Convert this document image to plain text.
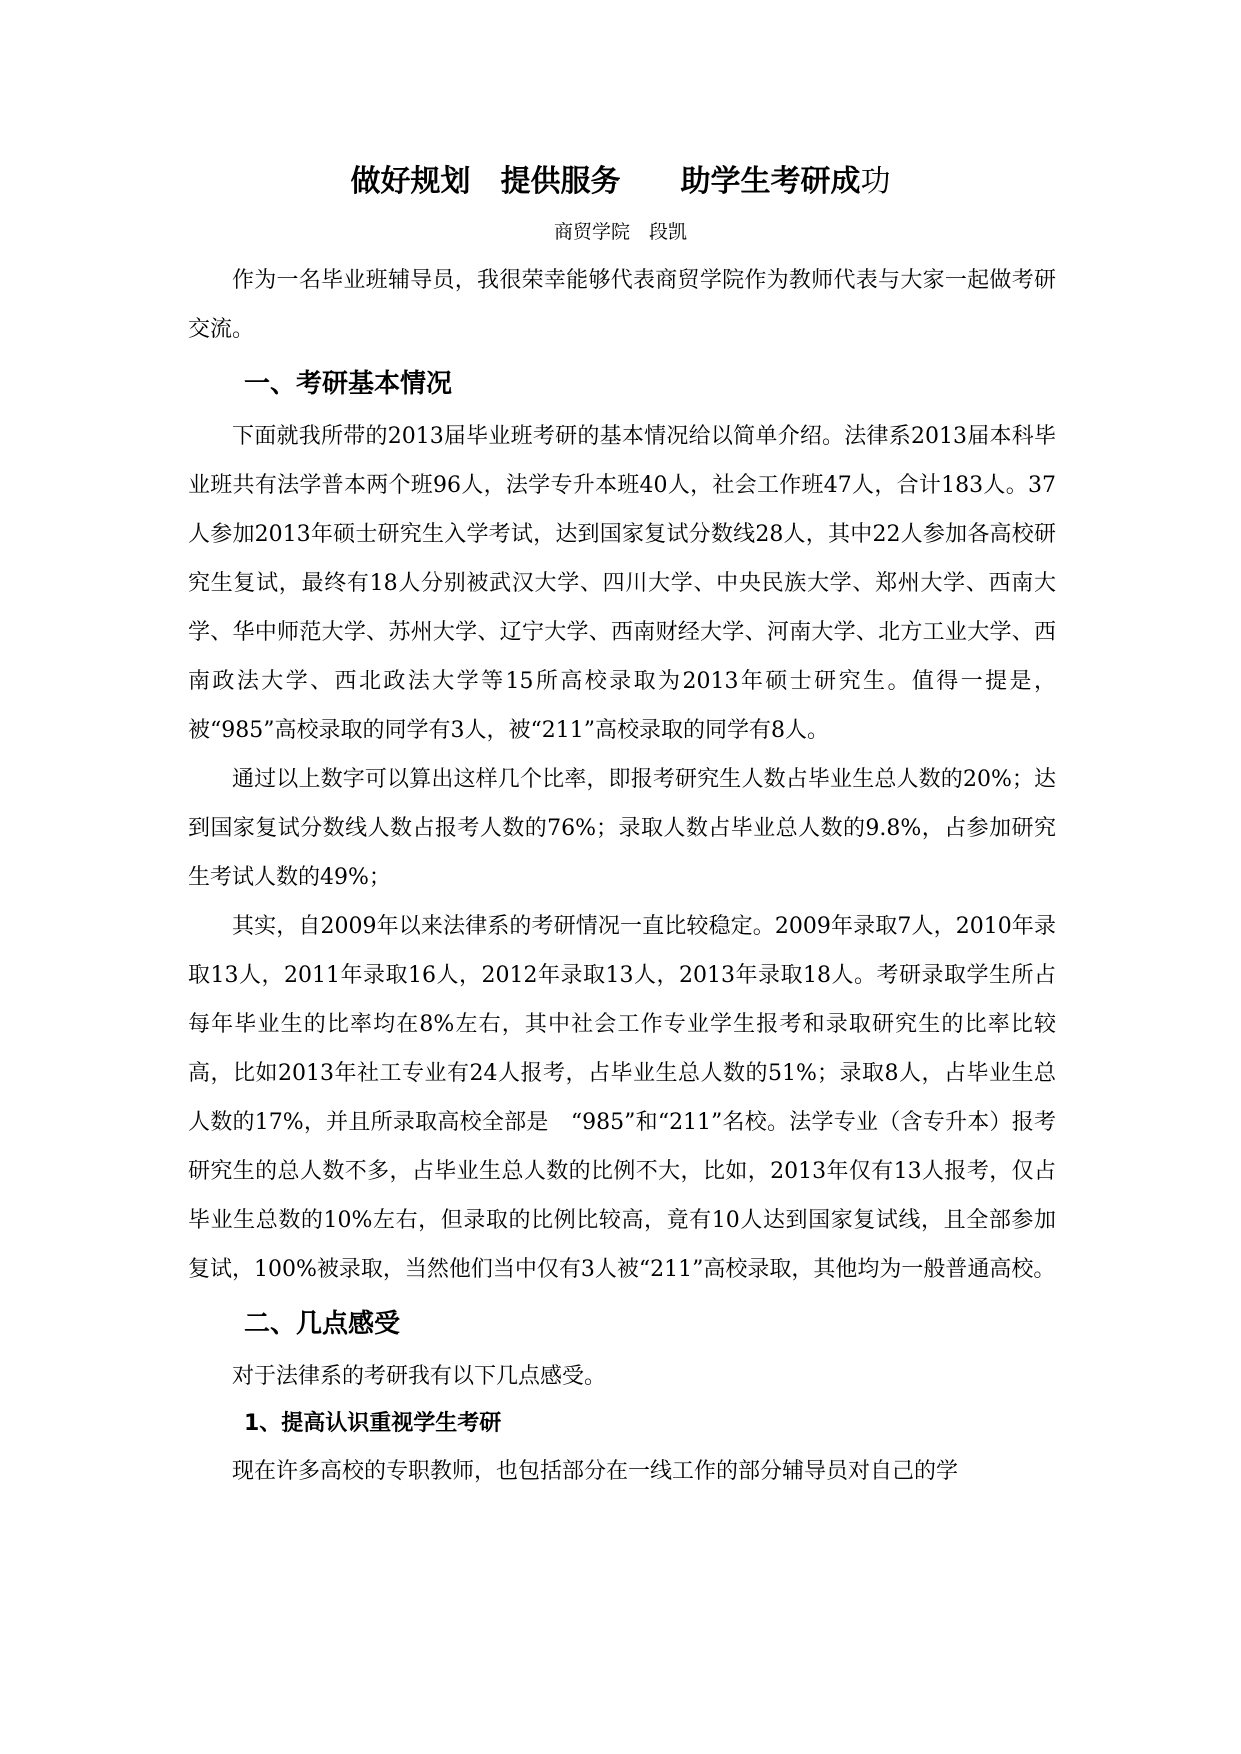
做好规划　提供服务　　助学生考研成功
商贸学院　段凯

作为一名毕业班辅导员，我很荣幸能够代表商贸学院作为教师代表与大家一起做考研交流。

一、考研基本情况

下面就我所带的2013届毕业班考研的基本情况给以简单介绍。法律系2013届本科毕业班共有法学普本两个班96人，法学专升本班40人，社会工作班47人，合计183人。37人参加2013年硕士研究生入学考试，达到国家复试分数线28人，其中22人参加各高校研究生复试，最终有18人分别被武汉大学、四川大学、中央民族大学、郑州大学、西南大学、华中师范大学、苏州大学、辽宁大学、西南财经大学、河南大学、北方工业大学、西南政法大学、西北政法大学等15所高校录取为2013年硕士研究生。值得一提是，被“985”高校录取的同学有3人，被“211”高校录取的同学有8人。

通过以上数字可以算出这样几个比率，即报考研究生人数占毕业生总人数的20%；达到国家复试分数线人数占报考人数的76%；录取人数占毕业总人数的9.8%，占参加研究生考试人数的49%；

其实，自2009年以来法律系的考研情况一直比较稳定。2009年录取7人，2010年录取13人，2011年录取16人，2012年录取13人，2013年录取18人。考研录取学生所占每年毕业生的比率均在8%左右，其中社会工作专业学生报考和录取研究生的比率比较高，比如2013年社工专业有24人报考，占毕业生总人数的51%；录取8人，占毕业生总人数的17%，并且所录取高校全部是　“985”和“211”名校。法学专业（含专升本）报考研究生的总人数不多，占毕业生总人数的比例不大，比如，2013年仅有13人报考，仅占毕业生总数的10%左右，但录取的比例比较高，竟有10人达到国家复试线，且全部参加复试，100%被录取，当然他们当中仅有3人被“211”高校录取，其他均为一般普通高校。

二、几点感受

对于法律系的考研我有以下几点感受。

1、提高认识重视学生考研

现在许多高校的专职教师，也包括部分在一线工作的部分辅导员对自己的学
